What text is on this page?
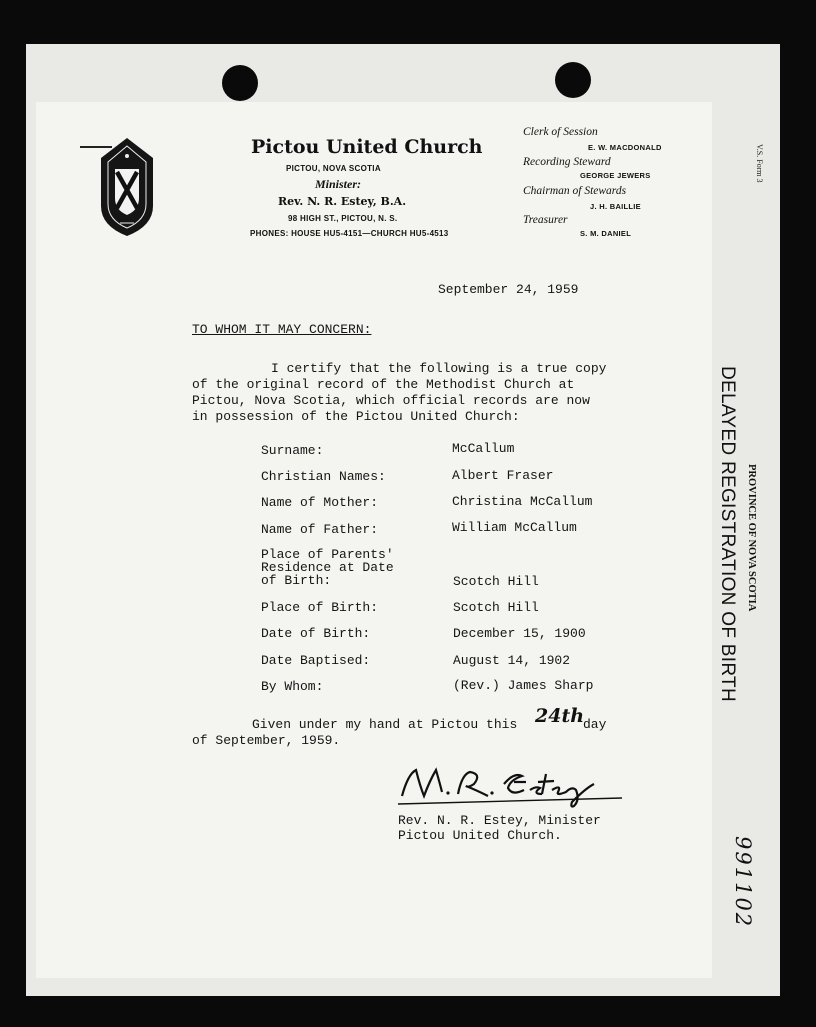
V.S. Form 3
PROVINCE OF NOVA SCOTIA
DELAYED REGISTRATION OF BIRTH
991102
Pictou United Church
PICTOU, NOVA SCOTIA
Minister:
Rev. N. R. Estey, B.A.
98 HIGH ST., PICTOU, N. S.
PHONES: HOUSE HU5-4151—CHURCH HU5-4513
Clerk of Session
E. W. MACDONALD
Recording Steward
GEORGE JEWERS
Chairman of Stewards
J. H. BAILLIE
Treasurer
S. M. DANIEL
September 24, 1959
TO WHOM IT MAY CONCERN:
I certify that the following is a true copy
of the original record of the Methodist Church at
Pictou, Nova Scotia, which official records are now
in possession of the Pictou United Church:
Surname:	McCallum
Christian Names:	Albert Fraser
Name of Mother:	Christina McCallum
Name of Father:	William McCallum
Place of Parents'
Residence at Date
of Birth:	Scotch Hill
Place of Birth:	Scotch Hill
Date of Birth:	December 15, 1900
Date Baptised:	August 14, 1902
By Whom:	(Rev.) James Sharp
Given under my hand at Pictou this 24th
day
of September, 1959.
Rev. N. R. Estey, Minister
Pictou United Church.
